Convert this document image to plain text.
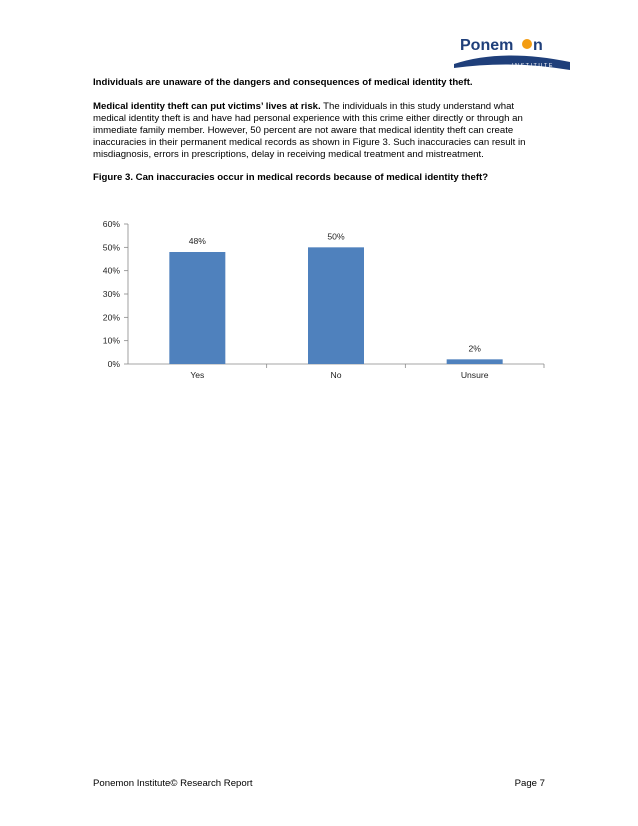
Ponem n
INSTITUTE

Individuals are unaware of the dangers and consequences of medical identity theft.

Medical identity theft can put victims’ lives at risk. The individuals in this study understand what medical identity theft is and have had personal experience with this crime either directly or through an immediate family member. However, 50 percent are not aware that medical identity theft can create inaccuracies in their permanent medical records as shown in Figure 3. Such inaccuracies can result in misdiagnosis, errors in prescriptions, delay in receiving medical treatment and mistreatment.

Figure 3. Can inaccuracies occur in medical records because of medical identity theft?

0%
10%
20%
30%
40%
50%
60%
48%
Yes
50%
No
2%
Unsure
Ponemon Institute© Research Report	Page 7
